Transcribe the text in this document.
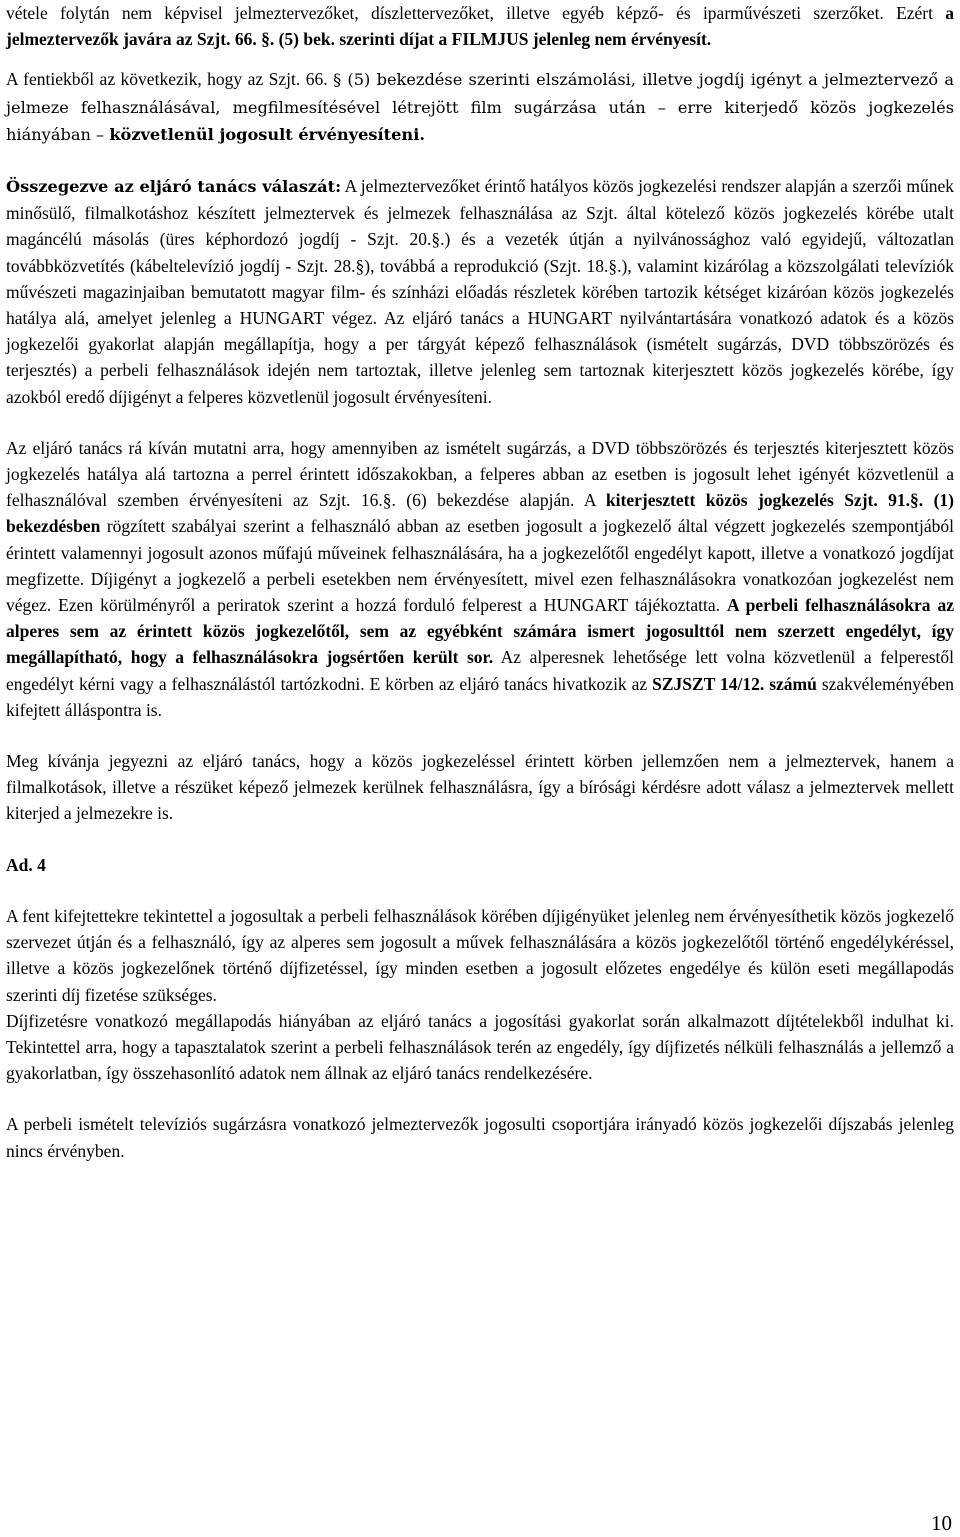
vétele folytán nem képvisel jelmeztervezőket, díszlettervezőket, illetve egyéb képző- és iparművészeti szerzőket. Ezért a jelmeztervezők javára az Szjt. 66. §. (5) bek. szerinti díjat a FILMJUS jelenleg nem érvényesít.

A fentiekből az következik, hogy az Szjt. 66. § (5) bekezdése szerinti elszámolási, illetve jogdíj igényt a jelmeztervező a jelmeze felhasználásával, megfilmesítésével létrejött film sugárzása után – erre kiterjedő közös jogkezelés hiányában – közvetlenül jogosult érvényesíteni.

Összegezve az eljáró tanács válaszát: A jelmeztervezőket érintő hatályos közös jogkezelési rendszer alapján a szerzői műnek minősülő, filmalkotáshoz készített jelmeztervek és jelmezek felhasználása az Szjt. által kötelező közös jogkezelés körébe utalt magáncélú másolás (üres képhordozó jogdíj - Szjt. 20.§.) és a vezeték útján a nyilvánossághoz való egyidejű, változatlan továbbközvetítés (kábeltelevízió jogdíj - Szjt. 28.§), továbbá a reprodukció (Szjt. 18.§.), valamint kizárólag a közszolgálati televíziók művészeti magazinjaiban bemutatott magyar film- és színházi előadás részletek körében tartozik kétséget kizáróan közös jogkezelés hatálya alá, amelyet jelenleg a HUNGART végez. Az eljáró tanács a HUNGART nyilvántartására vonatkozó adatok és a közös jogkezelői gyakorlat alapján megállapítja, hogy a per tárgyát képező felhasználások (ismételt sugárzás, DVD többszörözés és terjesztés) a perbeli felhasználások idején nem tartoztak, illetve jelenleg sem tartoznak kiterjesztett közös jogkezelés körébe, így azokból eredő díjigényt a felperes közvetlenül jogosult érvényesíteni.

Az eljáró tanács rá kíván mutatni arra, hogy amennyiben az ismételt sugárzás, a DVD többszörözés és terjesztés kiterjesztett közös jogkezelés hatálya alá tartozna a perrel érintett időszakokban, a felperes abban az esetben is jogosult lehet igényét közvetlenül a felhasználóval szemben érvényesíteni az Szjt. 16.§. (6) bekezdése alapján. A kiterjesztett közös jogkezelés Szjt. 91.§. (1) bekezdésben rögzített szabályai szerint a felhasználó abban az esetben jogosult a jogkezelő által végzett jogkezelés szempontjából érintett valamennyi jogosult azonos műfajú műveinek felhasználására, ha a jogkezelőtől engedélyt kapott, illetve a vonatkozó jogdíjat megfizette. Díjigényt a jogkezelő a perbeli esetekben nem érvényesített, mivel ezen felhasználásokra vonatkozóan jogkezelést nem végez. Ezen körülményről a periratok szerint a hozzá forduló felperest a HUNGART tájékoztatta. A perbeli felhasználásokra az alperes sem az érintett közös jogkezelőtől, sem az egyébként számára ismert jogosulttól nem szerzett engedélyt, így megállapítható, hogy a felhasználásokra jogsértően került sor. Az alperesnek lehetősége lett volna közvetlenül a felperestől engedélyt kérni vagy a felhasználástól tartózkodni. E körben az eljáró tanács hivatkozik az SZJSZT 14/12. számú szakvéleményében kifejtett álláspontra is.

Meg kívánja jegyezni az eljáró tanács, hogy a közös jogkezeléssel érintett körben jellemzően nem a jelmeztervek, hanem a filmalkotások, illetve a részüket képező jelmezek kerülnek felhasználásra, így a bírósági kérdésre adott válasz a jelmeztervek mellett kiterjed a jelmezekre is.

Ad. 4

A fent kifejtettekre tekintettel a jogosultak a perbeli felhasználások körében díjigényüket jelenleg nem érvényesíthetik közös jogkezelő szervezet útján és a felhasználó, így az alperes sem jogosult a művek felhasználására a közös jogkezelőtől történő engedélykéréssel, illetve a közös jogkezelőnek történő díjfizetéssel, így minden esetben a jogosult előzetes engedélye és külön eseti megállapodás szerinti díj fizetése szükséges.

Díjfizetésre vonatkozó megállapodás hiányában az eljáró tanács a jogosítási gyakorlat során alkalmazott díjtételekből indulhat ki. Tekintettel arra, hogy a tapasztalatok szerint a perbeli felhasználások terén az engedély, így díjfizetés nélküli felhasználás a jellemző a gyakorlatban, így összehasonlító adatok nem állnak az eljáró tanács rendelkezésére.

A perbeli ismételt televíziós sugárzásra vonatkozó jelmeztervezők jogosulti csoportjára irányadó közös jogkezelői díjszabás jelenleg nincs érvényben.

10
